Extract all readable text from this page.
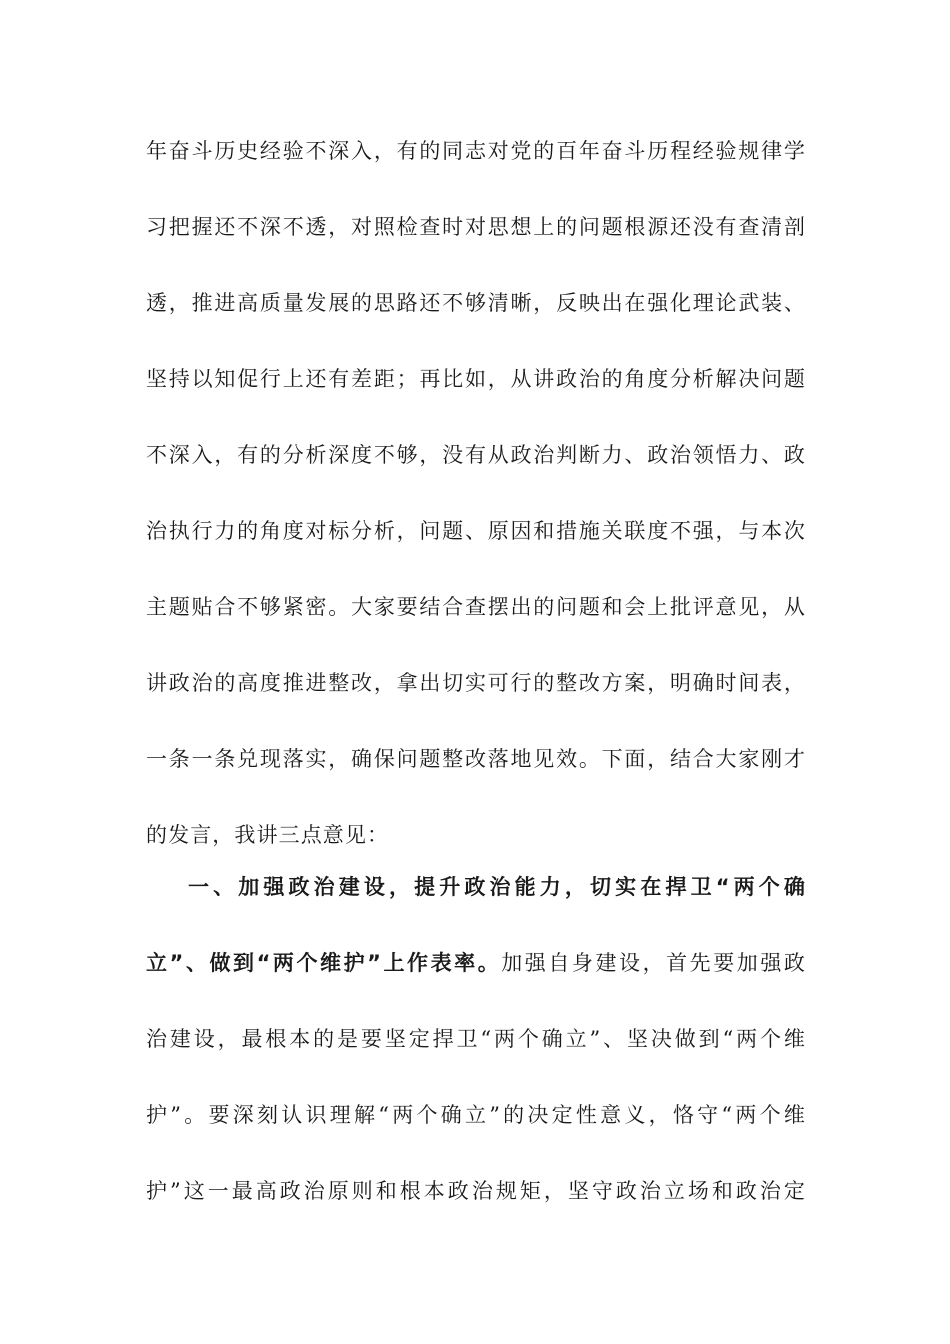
年奋斗历史经验不深入，有的同志对党的百年奋斗历程经验规律学
习把握还不深不透，对照检查时对思想上的问题根源还没有查清剖
透，推进高质量发展的思路还不够清晰，反映出在强化理论武装、
坚持以知促行上还有差距；再比如，从讲政治的角度分析解决问题
不深入，有的分析深度不够，没有从政治判断力、政治领悟力、政
治执行力的角度对标分析，问题、原因和措施关联度不强，与本次
主题贴合不够紧密。大家要结合查摆出的问题和会上批评意见，从
讲政治的高度推进整改，拿出切实可行的整改方案，明确时间表，
一条一条兑现落实，确保问题整改落地见效。下面，结合大家刚才
的发言，我讲三点意见：
一、加强政治建设，提升政治能力，切实在捍卫“两个确
立”、做到“两个维护”上作表率。加强自身建设，首先要加强政
治建设，最根本的是要坚定捍卫“两个确立”、坚决做到“两个维
护”。要深刻认识理解“两个确立”的决定性意义，恪守“两个维
护”这一最高政治原则和根本政治规矩，坚守政治立场和政治定
